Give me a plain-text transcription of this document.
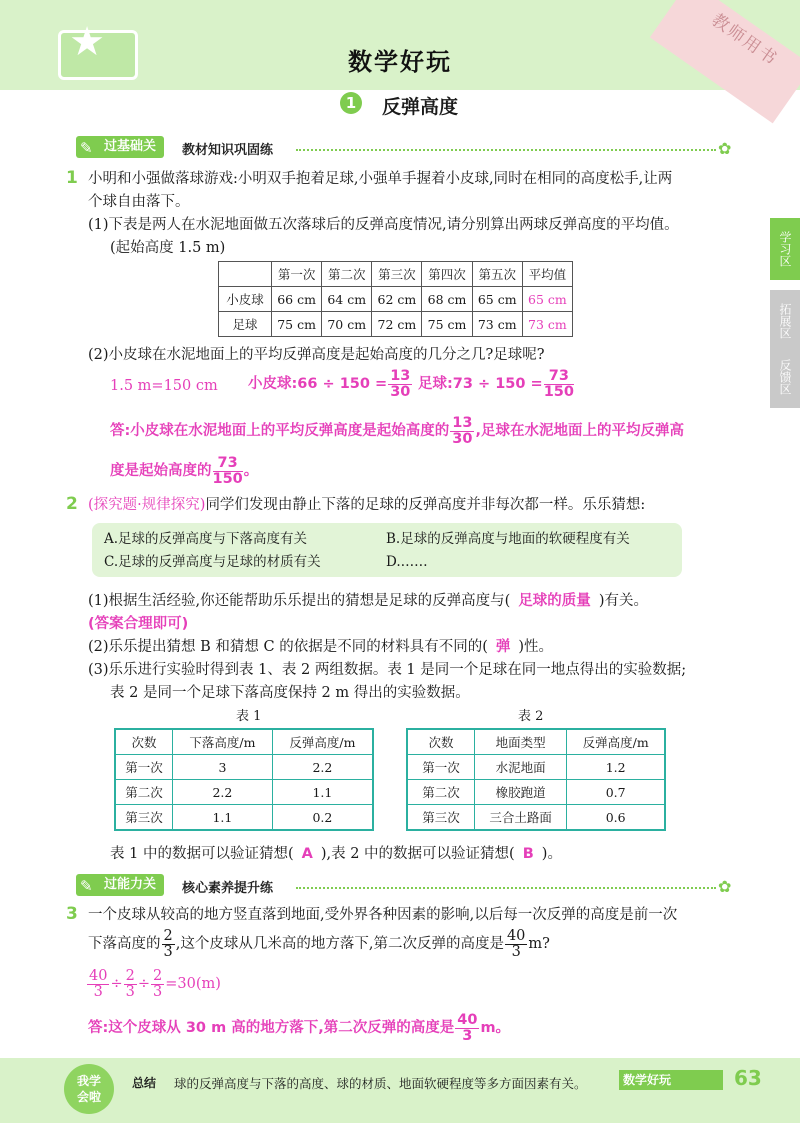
教师用书
★	数学好玩
1	反弹高度
✎ 过基础关	教材知识巩固练	✿
学习区
拓展区
反馈区
1 小明和小强做落球游戏:小明双手抱着足球,小强单手握着小皮球,同时在相同的高度松手,让两
个球自由落下。
(1)下表是两人在水泥地面做五次落球后的反弹高度情况,请分别算出两球反弹高度的平均值。
(起始高度 1.5 m)
	第一次	第二次	第三次	第四次	第五次	平均值
小皮球	66 cm	64 cm	62 cm	68 cm	65 cm	65 cm
足球	75 cm	70 cm	72 cm	75 cm	73 cm	73 cm
(2)小皮球在水泥地面上的平均反弹高度是起始高度的几分之几?足球呢?
1.5 m=150 cm 小皮球:66 ÷ $150 = \frac{13}{30}$ 足球:73 ÷ $150 = \frac{73}{150}$
答:小皮球在水泥地面上的平均反弹高度是起始高度的 $\frac{13}{30}$ ,足球在水泥地面上的平均反弹高
度是起始高度的 $\frac{73}{150}$ 。
2 (探究题·规律探究)同学们发现由静止下落的足球的反弹高度并非每次都一样。乐乐猜想:
A.足球的反弹高度与下落高度有关	B.足球的反弹高度与地面的软硬程度有关
C.足球的反弹高度与足球的材质有关	D.……
(1)根据生活经验,你还能帮助乐乐提出的猜想是足球的反弹高度与( 足球的质量 )有关。
(答案合理即可)
(2)乐乐提出猜想 B 和猜想 C 的依据是不同的材料具有不同的( 弹 )性。
(3)乐乐进行实验时得到表 1、表 2 两组数据。表 1 是同一个足球在同一地点得出的实验数据;
表 2 是同一个足球下落高度保持 2 m 得出的实验数据。
表 1
次数	下落高度/m	反弹高度/m
第一次	3	2.2
第二次	2.2	1.1
第三次	1.1	0.2
表 2
次数	地面类型	反弹高度/m
第一次	水泥地面	1.2
第二次	橡胶跑道	0.7
第三次	三合土路面	0.6
表 1 中的数据可以验证猜想( A ),表 2 中的数据可以验证猜想( B )。
✎ 过能力关	核心素养提升练	✿
3 一个皮球从较高的地方竖直落到地面,受外界各种因素的影响,以后每一次反弹的高度是前一次
下落高度的 $\frac{2}{3}$ ,这个皮球从几米高的地方落下,第二次反弹的高度是 $\frac{40}{3} m$?
$\frac{40}{3} \div \frac{2}{3} \div \frac{2}{3} =30(m)$
答:这个皮球从 30 m 高的地方落下,第二次反弹的高度是 $\frac{40}{3}$ m。
我学
会啦
总结 球的反弹高度与下落的高度、球的材质、地面软硬程度等多方面因素有关。	数学好玩	63
